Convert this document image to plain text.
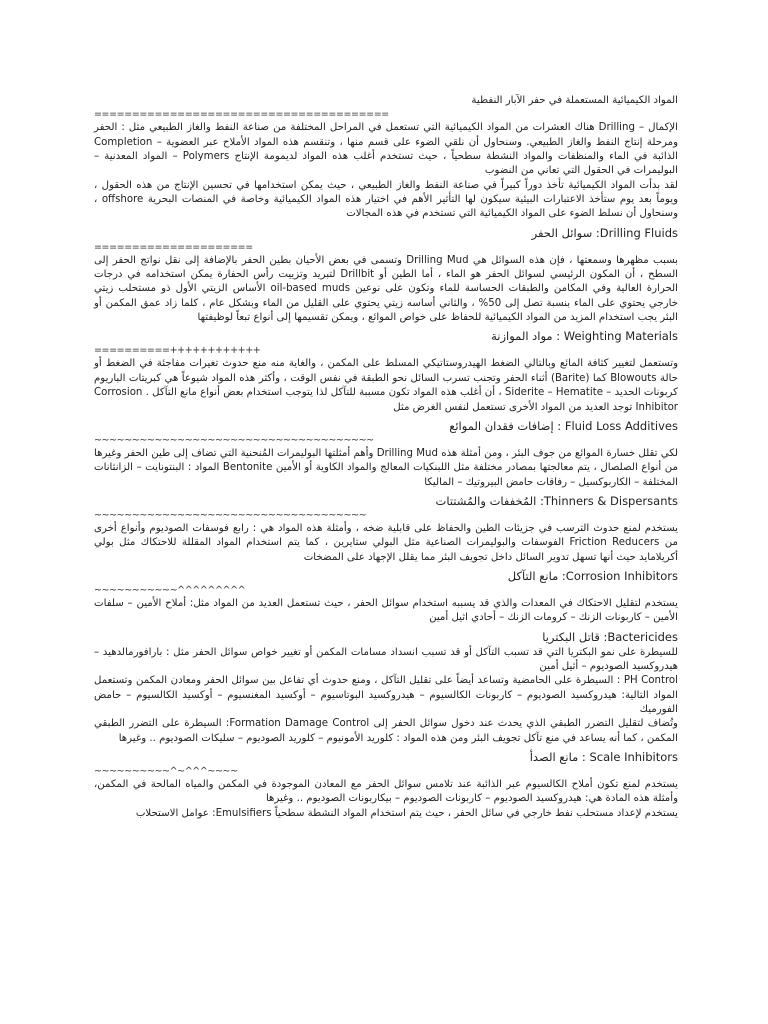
المواد الكيميائية المستعملة في حفر الآبار النفطية
=======================================

الإكمال – Drilling هناك العشرات من المواد الكيميائية التي تستعمل في المراحل المختلفة من صناعة النفط والغاز الطبيعي مثل : الحفر ومرحلة إنتاج النفط والغاز الطبيعي. وسنحاول أن نلقي الضوء على قسم منها ، وتنقسم هذه المواد الأملاح عبر العضوية – Completion الذائبة في الماء والمنظفات والمواد النشطة سطحياً ، حيث تستخدم أغلب هذه المواد لديمومة الإنتاج Polymers – المواد المعدنية – البوليمرات في الحقول التي تعاني من النضوب

لقد بدأت المواد الكيميائية تأخذ دوراً كبيراً في صناعة النفط والغاز الطبيعي ، حيث يمكن استخدامها في تحسين الإنتاج من هذه الحقول ، ويوماً بعد يوم ستأخذ الاعتبارات البيئية سيكون لها التأثير الأهم في اختيار هذه المواد الكيميائية وخاصة في المنصات البحرية offshore ، وسنحاول أن نسلط الضوء على المواد الكيميائية التي تستخدم في هذه المجالات

Drilling Fluids: سوائل الحفر
=====================

بسبب مظهرها وسمعتها ، فإن هذه السوائل هي Drilling Mud وتسمى في بعض الأحيان بطين الحفر بالإضافة إلى نقل نواتج الحفر إلى السطح ، أن المكون الرئيسي لسوائل الحفر هو الماء ، أما الطين أو Drillbit لتبريد وتزييت رأس الحفارة يمكن استخدامه في درجات الحرارة العالية وفي المكامن والطبقات الحساسة للماء وتكون على نوعين oil-based muds الأساس الزيتي الأول ذو مستحلب زيتي خارجي يحتوي على الماء بنسبة تصل إلى 50% ، والثاني أساسه زيتي يحتوي على القليل من الماء وبشكل عام ، كلما زاد عمق المكمن أو البئر يجب استخدام المزيد من المواد الكيميائية للحفاظ على خواص الموائع ، ويمكن تقسيمها إلى أنواع تبعاً لوظيفتها

Weighting Materials : مواد الموازنة
==========++++++++++++

وتستعمل لتغيير كثافة المائع وبالتالي الضغط الهيدروستاتيكي المسلط على المكمن ، والغاية منه منع حدوث تغيرات مفاجئة في الضغط أو حالة Blowouts كما (Barite) أثناء الحفر وتجنب تسرب السائل نحو الطبقة في نفس الوقت ، وأكثر هذه المواد شيوعاً هي كبريتات الباريوم كربونات الحديد – Siderite – Hematite ، أن أغلب هذه المواد تكون مسببة للتآكل لذا يتوجب استخدام بعض أنواع مانع التآكل . Corrosion Inhibitor توجد العديد من المواد الأخرى تستعمل لنفس الغرض مثل

Fluid Loss Additives : إضافات فقدان الموائع
~~~~~~~~~~~~~~~~~~~~~~~~~~~~~~~~~~~~~

لكي تقلل خسارة الموائع من جوف البئر ، ومن أمثلة هذه Drilling Mud وأهم أمثلتها البوليمرات المُنحنية التي تضاف إلى طين الحفر وغيرها من أنواع الصلصال ، يتم معالجتها بمصادر مختلفة مثل اللبنكيات المعالج والمواد الكاوية أو الأمين Bentonite المواد : البنتونايت – الزانثانات المختلفة – الكاربوكسيل – رفاقات حامض البيروتيك – الماليكا

Thinners & Dispersants: المُخففات والمُشتتات
~~~~~~~~~~~~~~~~~~~~~~~~~~~~~~~~~~~~

يستخدم لمنع حدوث الترسب في جزيئات الطين والحفاظ على قابلية ضخه ، وأمثلة هذه المواد هي : رابع فوسفات الصوديوم وأنواع أخرى من Friction Reducers الفوسفات والبوليمرات الصناعية مثل البولي ستايرين ، كما يتم استخدام المواد المقللة للاحتكاك مثل بولي أكريلامايد حيث أنها تسهل تدوير السائل داخل تجويف البئر مما يقلل الإجهاد على المضخات

Corrosion Inhibitors: مانع التآكل
~~~~~~~~~~~^^^^^^^^^

يستخدم لتقليل الاحتكاك في المعدات والذي قد يسببه استخدام سوائل الحفر ، حيث تستعمل العديد من المواد مثل: أملاح الأمين – سلفات الأمين – كاربونات الزنك – كرومات الزنك – أحادي اثيل أمين

Bactericides: قاتل البكتريا

للسيطرة على نمو البكتريا التي قد تسبب التآكل أو قد تسبب انسداد مسامات المكمن أو تغيير خواص سوائل الحفر مثل : بارافورمالدهيد – هيدروكسيد الصوديوم – أثيل أمين

PH Control : السيطرة على الحامضية وتساعد أيضاً على تقليل التآكل ، ومنع حدوث أي تفاعل بين سوائل الحفر ومعادن المكمن وتستعمل المواد التالية: هيدروكسيد الصوديوم – كاربونات الكالسيوم – هيدروكسيد البوتاسيوم – أوكسيد المغنسيوم – أوكسيد الكالسيوم – حامض الفورميك

وتُضاف لتقليل التضرر الطبقي الذي يحدث عند دخول سوائل الحفر إلى Formation Damage Control: السيطرة على التضرر الطبقي المكمن ، كما أنه يساعد في منع تآكل تجويف البئر ومن هذه المواد : كلوريد الأمونيوم – كلوريد الصوديوم – سليكات الصوديوم .. وغيرها

Scale Inhibitors : مانع الصدأ
~~~~~~~~~~^~^^^~~~~

يستخدم لمنع تكون أملاح الكالسيوم عبر الذائبة عند تلامس سوائل الحفر مع المعادن الموجودة في المكمن والمياه المالحة في المكمن، وأمثلة هذه المادة هي: هيدروكسيد الصوديوم – كاربونات الصوديوم – بيكاربونات الصوديوم .. وغيرها

يستخدم لإعداد مستحلب نفط خارجي في سائل الحفر ، حيث يتم استخدام المواد النشطة سطحياً Emulsifiers: عوامل الاستحلاب
